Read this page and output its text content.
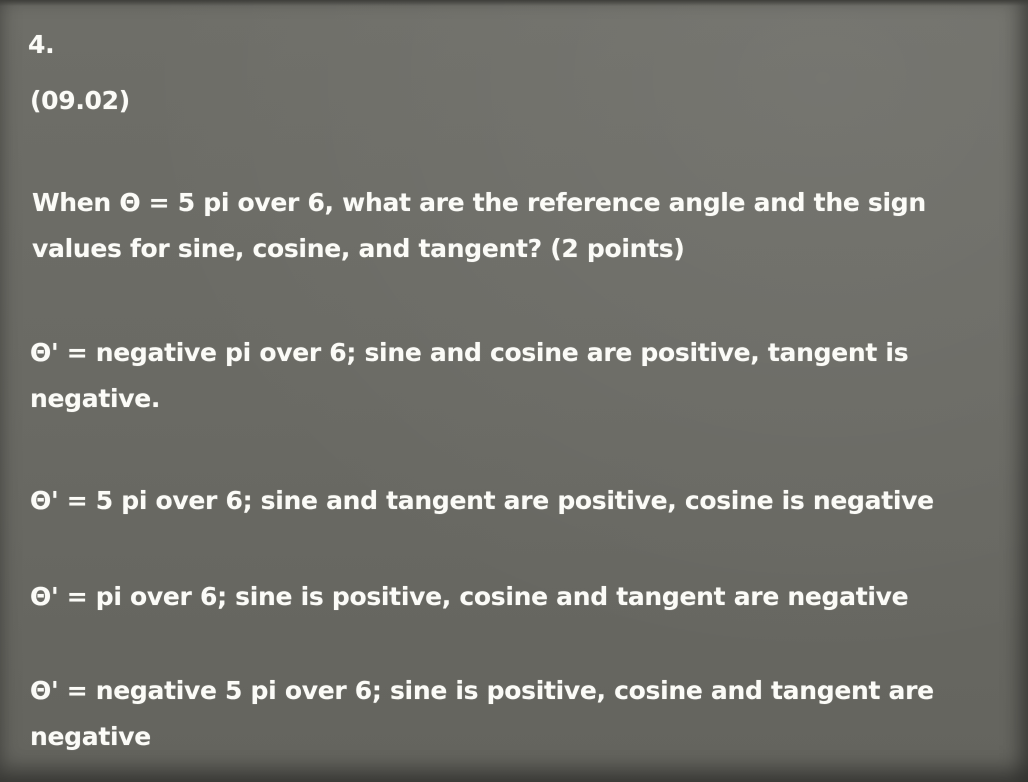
4.
(09.02)
When Θ = 5 pi over 6, what are the reference angle and the sign values for sine, cosine, and tangent? (2 points)
Θ' = negative pi over 6; sine and cosine are positive, tangent is negative.
Θ' = 5 pi over 6; sine and tangent are positive, cosine is negative
Θ' = pi over 6; sine is positive, cosine and tangent are negative
Θ' = negative 5 pi over 6; sine is positive, cosine and tangent are negative
